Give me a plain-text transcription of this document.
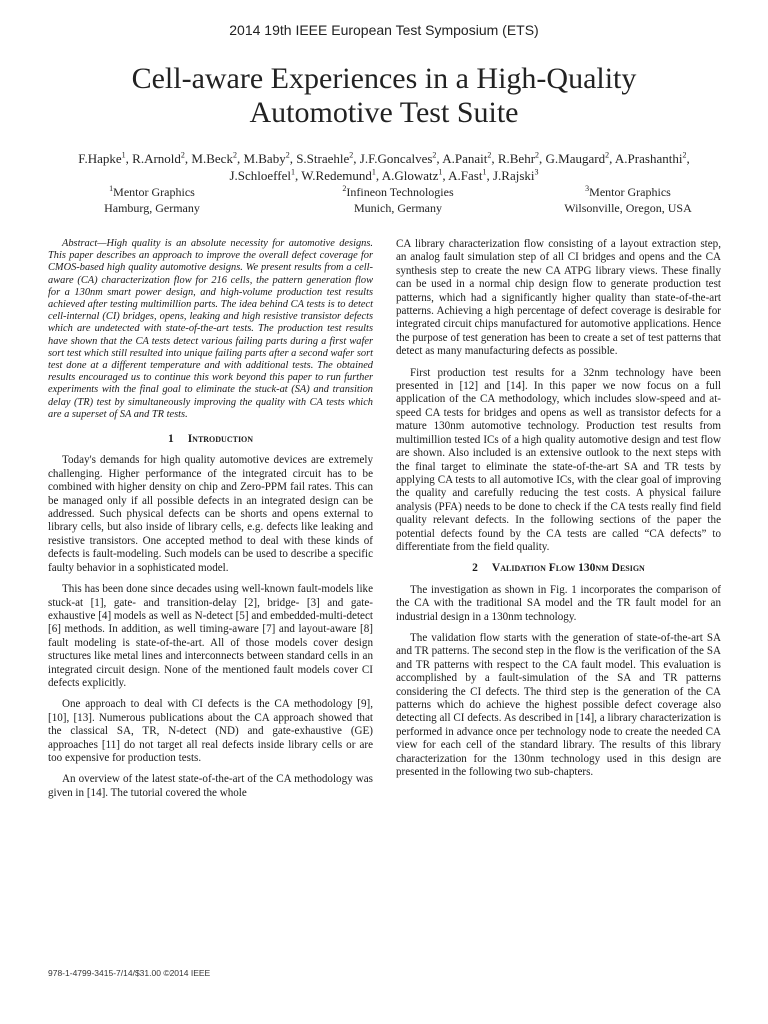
2014 19th IEEE European Test Symposium (ETS)
Cell-aware Experiences in a High-Quality
Automotive Test Suite
F.Hapke$^1$, R.Arnold$^2$, M.Beck$^2$, M.Baby$^2$, S.Straehle$^2$, J.F.Goncalves$^2$, A.Panait$^2$, R.Behr$^2$, G.Maugard$^2$, A.Prashanthi$^2$,
J.Schloeffel$^1$, W.Redemund$^1$, A.Glowatz$^1$, A.Fast$^1$, J.Rajski$^3$
$^1$Mentor Graphics
Hamburg, Germany
$^2$Infineon Technologies
Munich, Germany
$^3$Mentor Graphics
Wilsonville, Oregon, USA

Abstract—High quality is an absolute necessity for automotive designs. This paper describes an approach to improve the overall defect coverage for CMOS-based high quality automotive designs. We present results from a cell-aware (CA) characterization flow for 216 cells, the pattern generation flow for a 130nm smart power design, and high-volume production test results achieved after testing multimillion parts. The idea behind CA tests is to detect cell-internal (CI) bridges, opens, leaking and high resistive transistor defects which are undetected with state-of-the-art tests. The production test results have shown that the CA tests detect various failing parts during a first wafer sort test which still resulted into unique failing parts after a second wafer sort test done at a different temperature and with additional tests. The obtained results encouraged us to continue this work beyond this paper to run further experiments with the final goal to eliminate the stuck-at (SA) and transition delay (TR) test by simultaneously improving the quality with CA tests which are a superset of SA and TR tests.

1 Introduction

Today's demands for high quality automotive devices are extremely challenging. Higher performance of the integrated circuit has to be combined with higher density on chip and Zero-PPM fail rates. This can be managed only if all possible defects in an integrated design can be addressed. Such physical defects can be shorts and opens external to library cells, but also inside of library cells, e.g. defects like leaking and resistive transistors. One accepted method to deal with these kinds of defects is fault-modeling. Such models can be used to describe a specific faulty behavior in a sophisticated model.

This has been done since decades using well-known fault-models like stuck-at [1], gate- and transition-delay [2], bridge- [3] and gate-exhaustive [4] models as well as N-detect [5] and embedded-multi-detect [6] methods. In addition, as well timing-aware [7] and layout-aware [8] fault modeling is state-of-the-art. All of those models cover design structures like metal lines and interconnects between standard cells in an integrated circuit design. None of the mentioned fault models cover CI defects explicitly.

One approach to deal with CI defects is the CA methodology [9], [10], [13]. Numerous publications about the CA approach showed that the classical SA, TR, N-detect (ND) and gate-exhaustive (GE) approaches [11] do not target all real defects inside library cells or are too expensive for production tests.

An overview of the latest state-of-the-art of the CA methodology was given in [14]. The tutorial covered the whole

CA library characterization flow consisting of a layout extraction step, an analog fault simulation step of all CI bridges and opens and the CA synthesis step to create the new CA ATPG library views. These finally can be used in a normal chip design flow to generate production test patterns, which had a significantly higher quality than state-of-the-art patterns. Achieving a high percentage of defect coverage is desirable for integrated circuit chips manufactured for automotive applications. Hence the purpose of test generation has been to create a set of test patterns that detect as many manufacturing defects as possible.

First production test results for a 32nm technology have been presented in [12] and [14]. In this paper we now focus on a full application of the CA methodology, which includes slow-speed and at-speed CA tests for bridges and opens as well as transistor defects for a mature 130nm automotive technology. Production test results from multimillion tested ICs of a high quality automotive design and test flow are shown. Also included is an extensive outlook to the next steps with the final target to eliminate the state-of-the-art SA and TR tests by applying CA tests to all automotive ICs, with the clear goal of improving the quality and carefully reducing the test costs. A physical failure analysis (PFA) needs to be done to check if the CA tests really find field quality relevant defects. In the following sections of the paper the potential defects found by the CA tests are called “CA defects” to differentiate from the field quality.

2 Validation Flow 130nm Design

The investigation as shown in Fig. 1 incorporates the comparison of the CA with the traditional SA model and the TR fault model for an industrial design in a 130nm technology.

The validation flow starts with the generation of state-of-the-art SA and TR patterns. The second step in the flow is the verification of the SA and TR patterns with respect to the CA fault model. This evaluation is accomplished by a fault-simulation of the SA and TR patterns considering the CI defects. The third step is the generation of the CA patterns which do achieve the highest possible defect coverage also detecting all CI defects. As described in [14], a library characterization is performed in advance once per technology node to create the needed CA view for each cell of the standard library. The results of this library characterization for the 130nm technology used in this design are presented in the following two sub-chapters.

978-1-4799-3415-7/14/$31.00 ©2014 IEEE
